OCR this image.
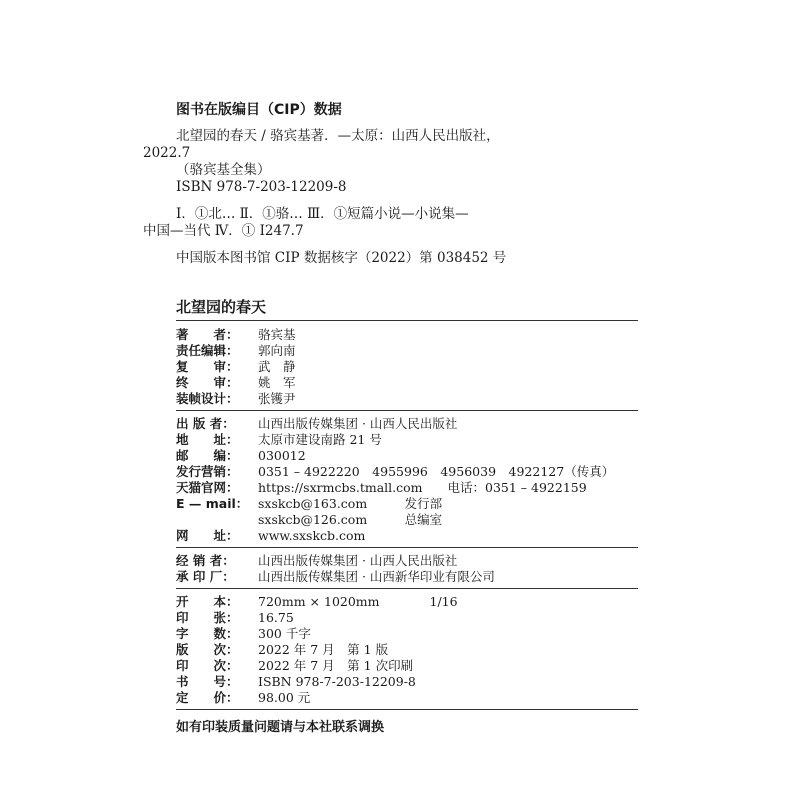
图书在版编目（CIP）数据
北望园的春天 / 骆宾基著．—太原：山西人民出版社，
2022.7
（骆宾基全集）
ISBN 978-7-203-12209-8
Ⅰ．①北… Ⅱ．①骆… Ⅲ．①短篇小说—小说集—
中国—当代 Ⅳ．① I247.7
中国版本图书馆 CIP 数据核字（2022）第 038452 号
北望园的春天
著　　者：	骆宾基
责任编辑：	郭向南
复　　审：	武　静
终　　审：	姚　军
装帧设计：	张镬尹
出 版 者：	山西出版传媒集团 · 山西人民出版社
地　　址：	太原市建设南路 21 号
邮　　编：	030012
发行营销：	0351 – 4922220　4955996　4956039　4922127（传真）
天猫官网：	https://sxrmcbs.tmall.com　　电话：0351 – 4922159
E — mail： sxskcb@163.com　　　发行部
sxskcb@126.com　　　总编室
网　　址：	www.sxskcb.com
经 销 者：	山西出版传媒集团 · 山西人民出版社
承 印 厂：	山西出版传媒集团 · 山西新华印业有限公司
开　　本：	720mm × 1020mm　　　　1/16
印　　张：	16.75
字　　数：	300 千字
版　　次：	2022 年 7 月　第 1 版
印　　次：	2022 年 7 月　第 1 次印刷
书　　号：	ISBN 978-7-203-12209-8
定　　价：	98.00 元
如有印装质量问题请与本社联系调换
